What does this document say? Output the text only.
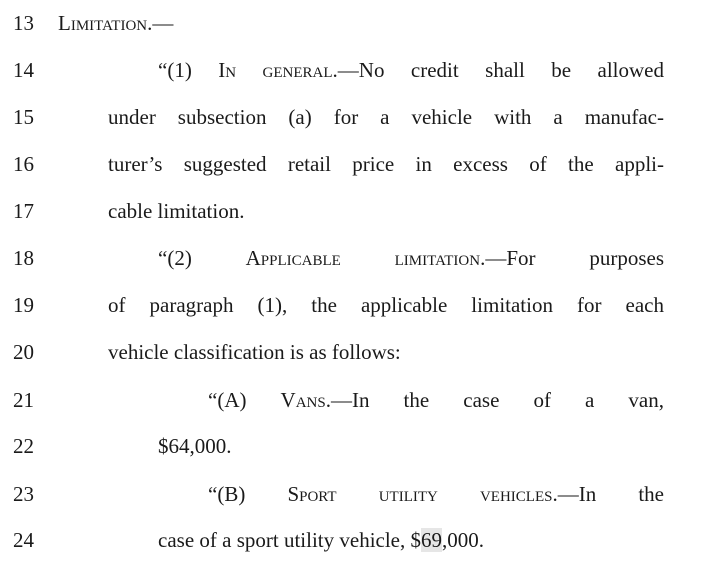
13	Limitation.—
14	“(1) In general.—No credit shall be allowed
15	under subsection (a) for a vehicle with a manufac-
16	turer’s suggested retail price in excess of the appli-
17	cable limitation.
18	“(2) Applicable limitation.—For purposes
19	of paragraph (1), the applicable limitation for each
20	vehicle classification is as follows:
21	“(A) Vans.—In the case of a van,
22	$64,000.
23	“(B) Sport utility vehicles.—In the
24	case of a sport utility vehicle, $69,000.
